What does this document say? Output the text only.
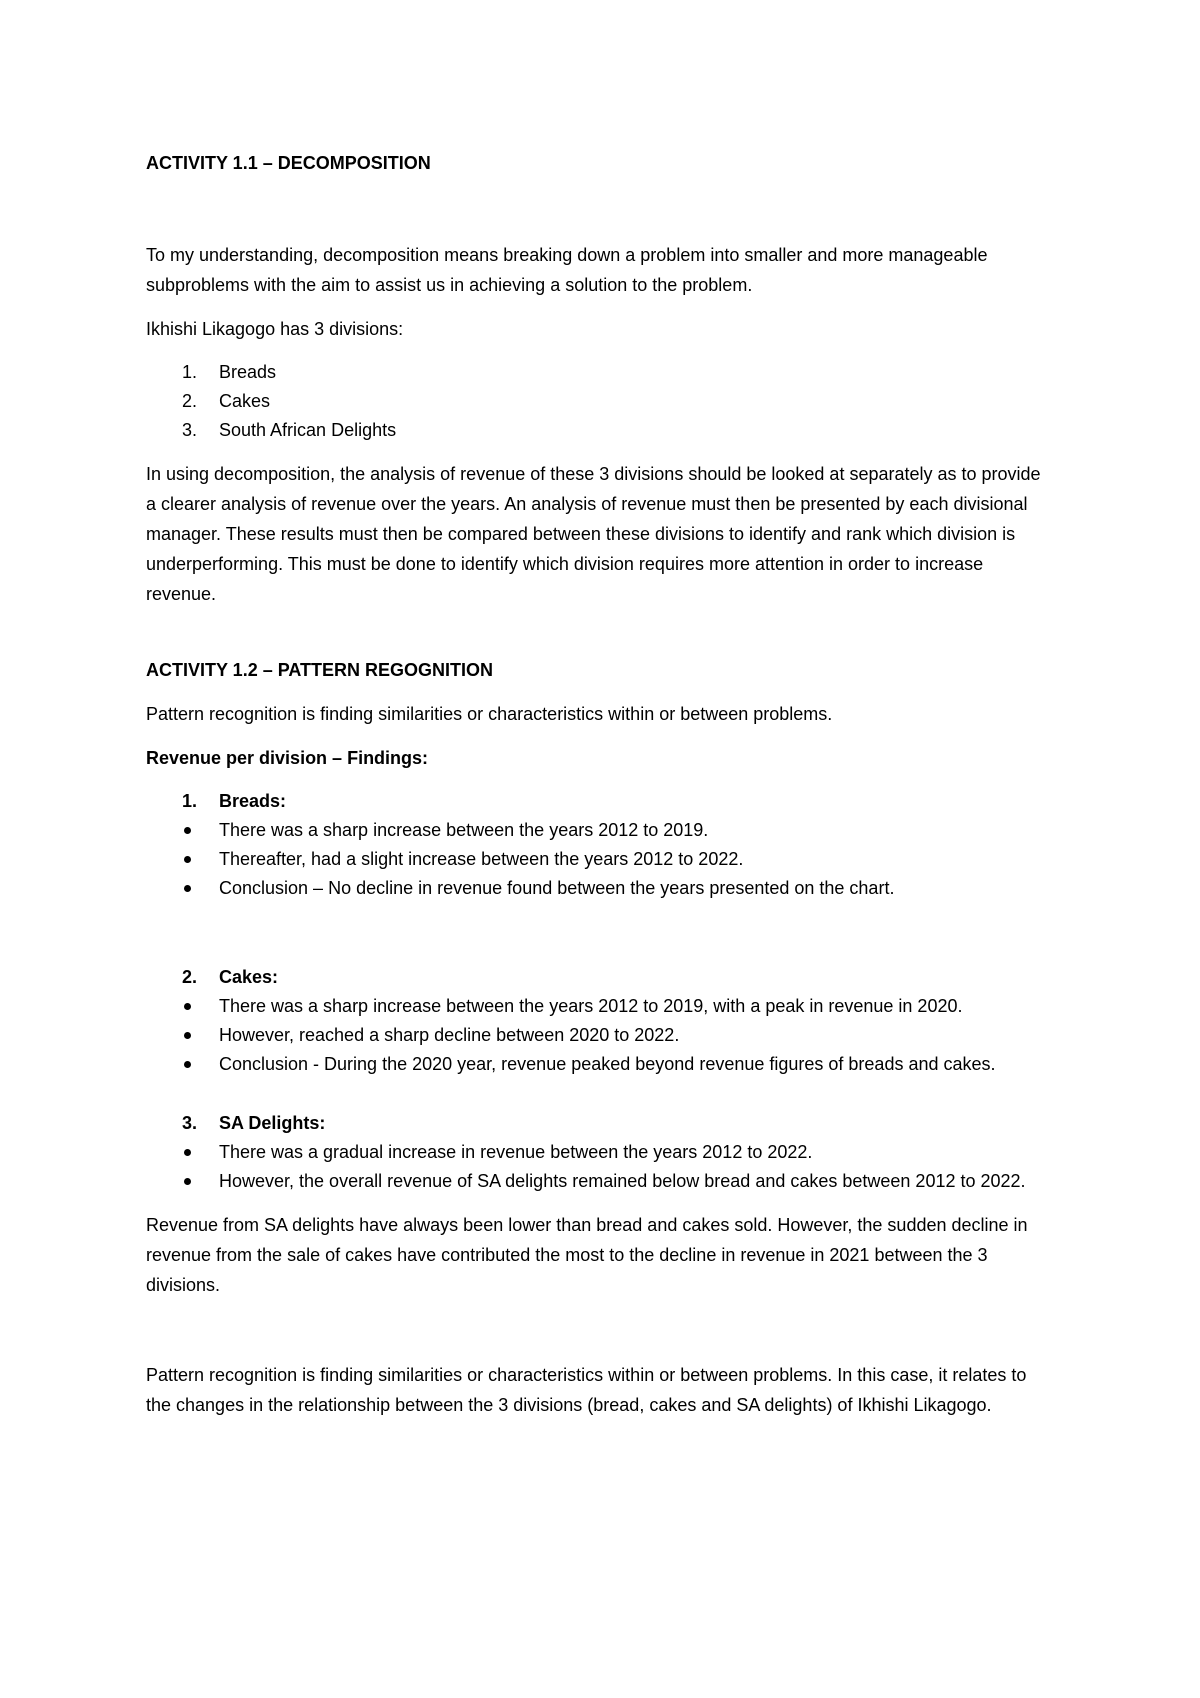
ACTIVITY 1.1 – DECOMPOSITION

To my understanding, decomposition means breaking down a problem into smaller and more manageable subproblems with the aim to assist us in achieving a solution to the problem.

Ikhishi Likagogo has 3 divisions:

1. Breads
2. Cakes
3. South African Delights

In using decomposition, the analysis of revenue of these 3 divisions should be looked at separately as to provide a clearer analysis of revenue over the years. An analysis of revenue must then be presented by each divisional manager. These results must then be compared between these divisions to identify and rank which division is underperforming. This must be done to identify which division requires more attention in order to increase revenue.

ACTIVITY 1.2 – PATTERN REGOGNITION

Pattern recognition is finding similarities or characteristics within or between problems.

Revenue per division – Findings:

1. Breads:
There was a sharp increase between the years 2012 to 2019.
Thereafter, had a slight increase between the years 2012 to 2022.
Conclusion – No decline in revenue found between the years presented on the chart.
2. Cakes:
There was a sharp increase between the years 2012 to 2019, with a peak in revenue in 2020.
However, reached a sharp decline between 2020 to 2022.
Conclusion - During the 2020 year, revenue peaked beyond revenue figures of breads and cakes.
3. SA Delights:
There was a gradual increase in revenue between the years 2012 to 2022.
However, the overall revenue of SA delights remained below bread and cakes between 2012 to 2022.

Revenue from SA delights have always been lower than bread and cakes sold. However, the sudden decline in revenue from the sale of cakes have contributed the most to the decline in revenue in 2021 between the 3 divisions.

Pattern recognition is finding similarities or characteristics within or between problems. In this case, it relates to the changes in the relationship between the 3 divisions (bread, cakes and SA delights) of Ikhishi Likagogo.
